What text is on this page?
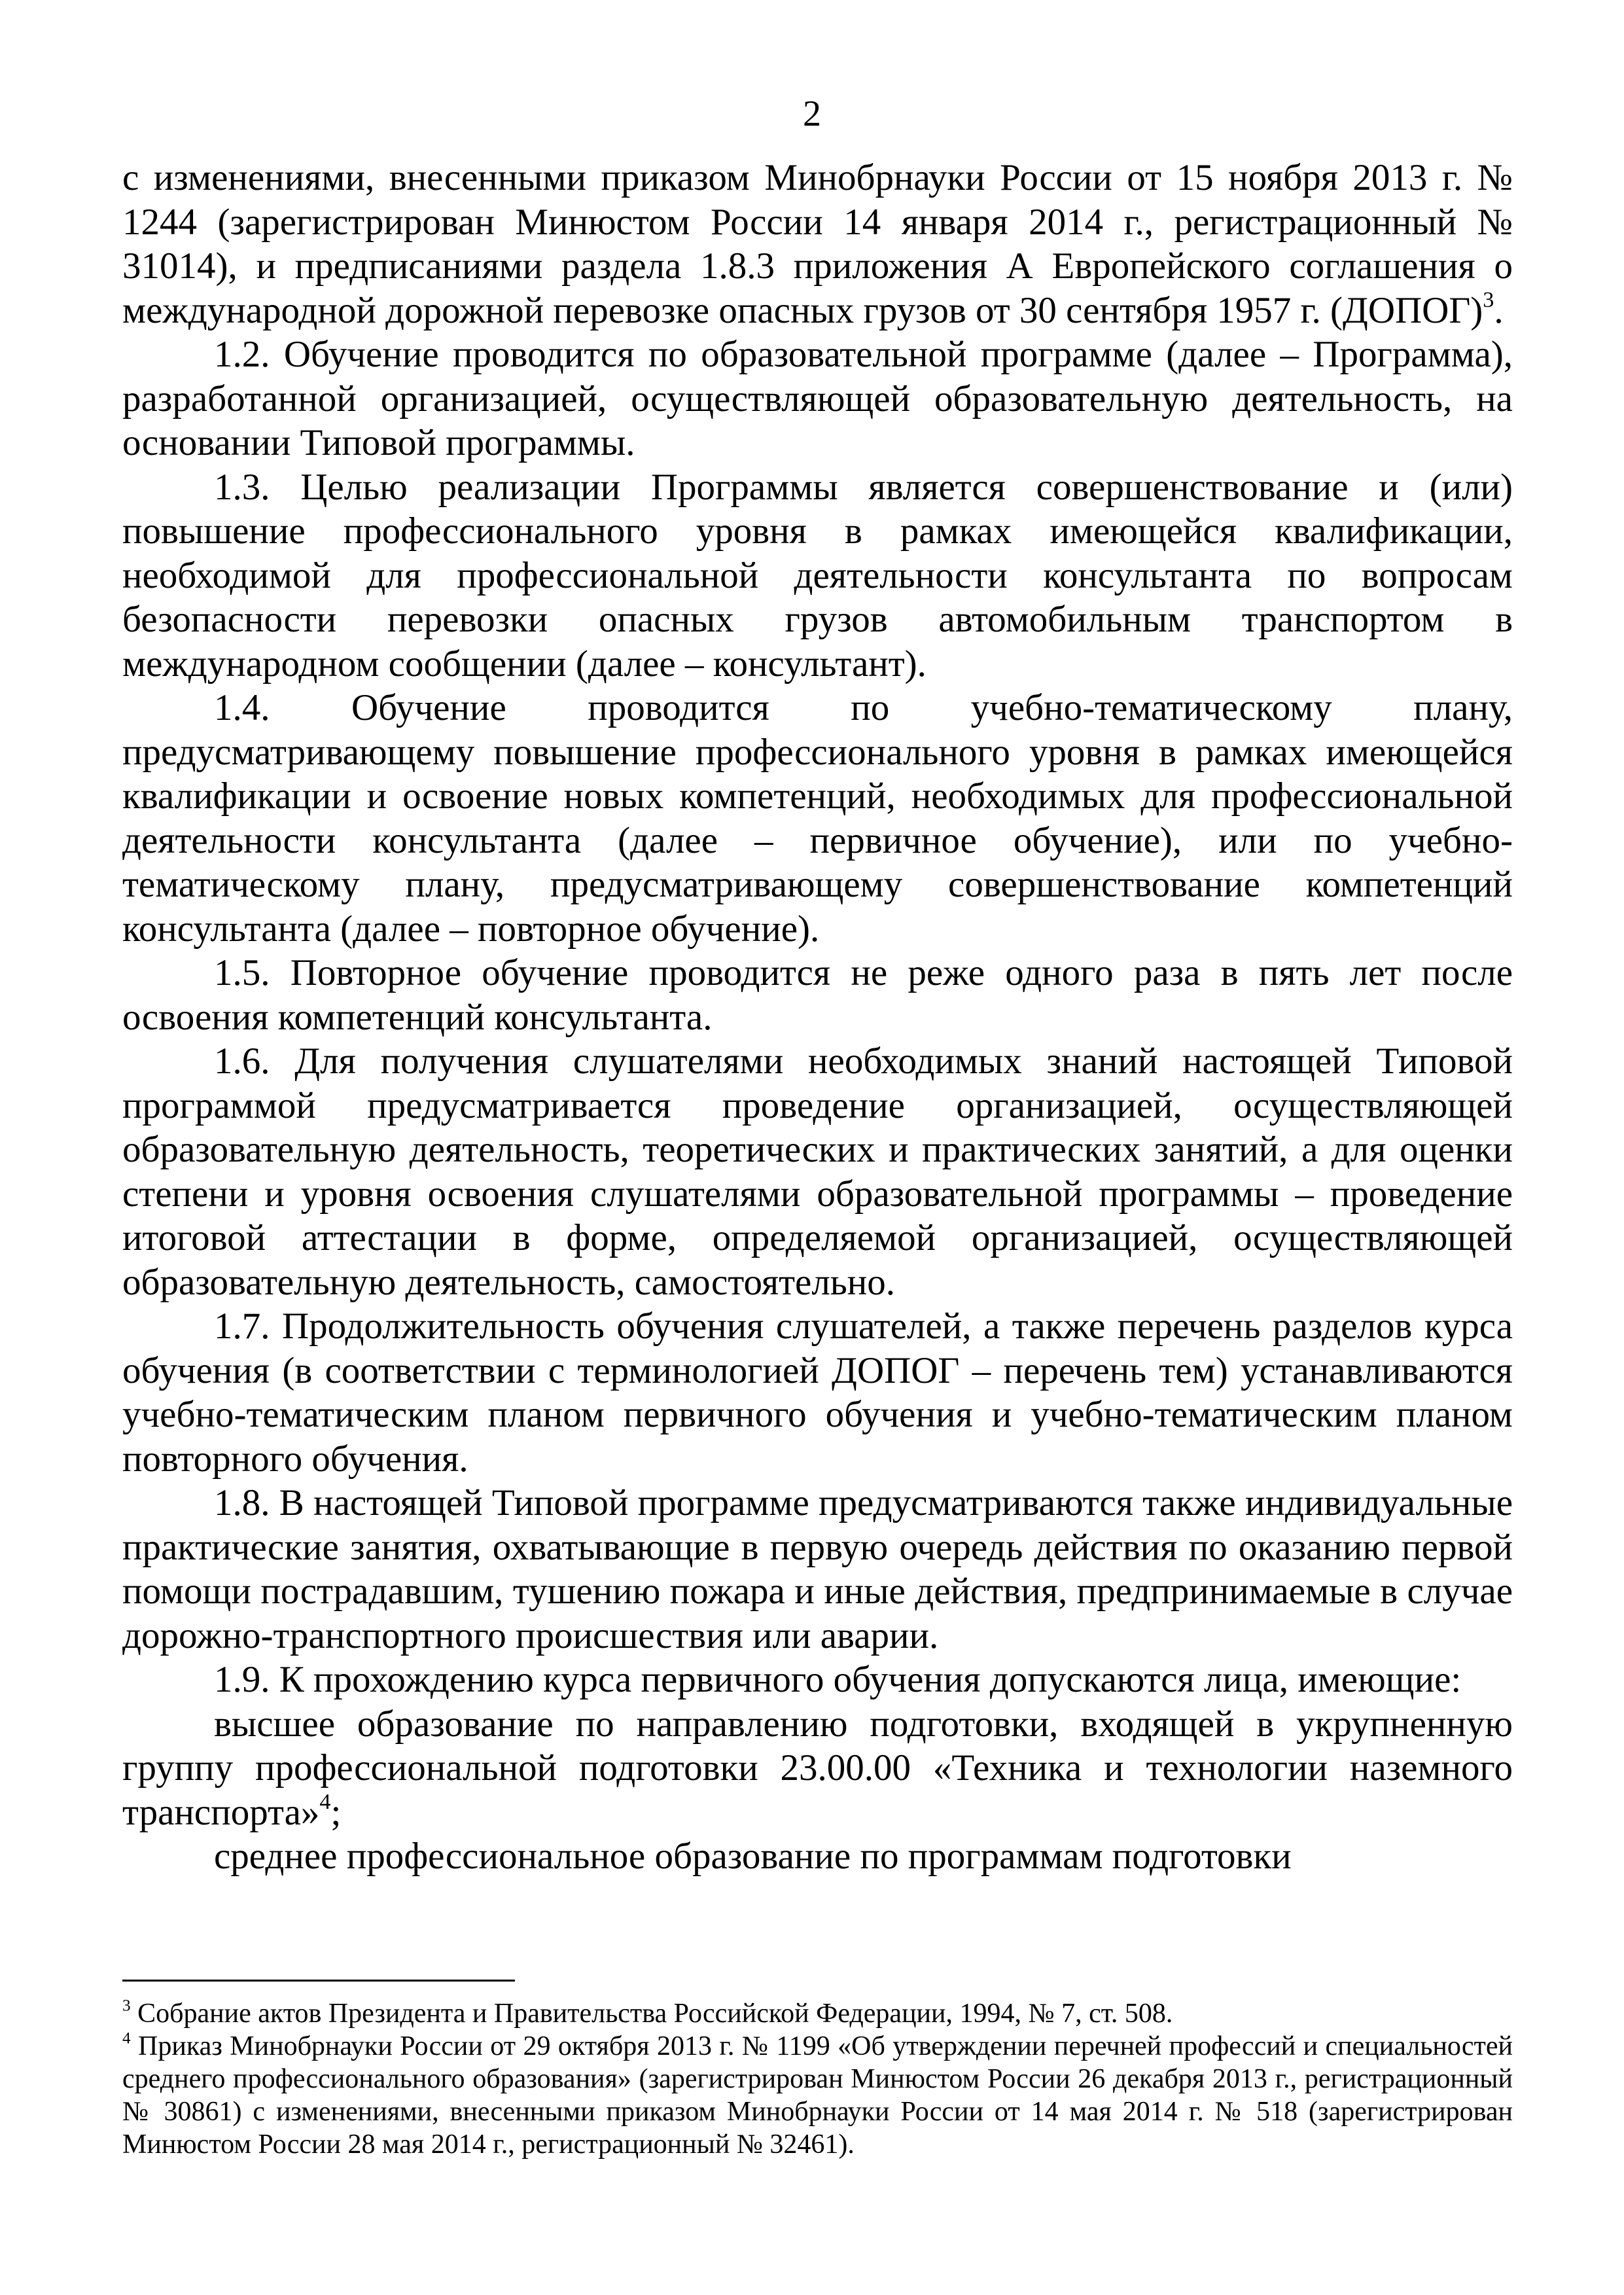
2

с изменениями, внесенными приказом Минобрнауки России от 15 ноября 2013 г. № 1244 (зарегистрирован Минюстом России 14 января 2014 г., регистрационный № 31014), и предписаниями раздела 1.8.3 приложения А Европейского соглашения о международной дорожной перевозке опасных грузов от 30 сентября 1957 г. (ДОПОГ)$^3$.

1.2. Обучение проводится по образовательной программе (далее – Программа), разработанной организацией, осуществляющей образовательную деятельность, на основании Типовой программы.

1.3. Целью реализации Программы является совершенствование и (или) повышение профессионального уровня в рамках имеющейся квалификации, необходимой для профессиональной деятельности консультанта по вопросам безопасности перевозки опасных грузов автомобильным транспортом в международном сообщении (далее – консультант).

1.4. Обучение проводится по учебно-тематическому плану, предусматривающему повышение профессионального уровня в рамках имеющейся квалификации и освоение новых компетенций, необходимых для профессиональной деятельности консультанта (далее – первичное обучение), или по учебно-тематическому плану, предусматривающему совершенствование компетенций консультанта (далее – повторное обучение).

1.5. Повторное обучение проводится не реже одного раза в пять лет после освоения компетенций консультанта.

1.6. Для получения слушателями необходимых знаний настоящей Типовой программой предусматривается проведение организацией, осуществляющей образовательную деятельность, теоретических и практических занятий, а для оценки степени и уровня освоения слушателями образовательной программы – проведение итоговой аттестации в форме, определяемой организацией, осуществляющей образовательную деятельность, самостоятельно.

1.7. Продолжительность обучения слушателей, а также перечень разделов курса обучения (в соответствии с терминологией ДОПОГ – перечень тем) устанавливаются учебно-тематическим планом первичного обучения и учебно-тематическим планом повторного обучения.

1.8. В настоящей Типовой программе предусматриваются также индивидуальные практические занятия, охватывающие в первую очередь действия по оказанию первой помощи пострадавшим, тушению пожара и иные действия, предпринимаемые в случае дорожно-транспортного происшествия или аварии.

1.9. К прохождению курса первичного обучения допускаются лица, имеющие:

высшее образование по направлению подготовки, входящей в укрупненную группу профессиональной подготовки 23.00.00 «Техника и технологии наземного транспорта»$^4$;

среднее профессиональное образование по программам подготовки

$^3$ Собрание актов Президента и Правительства Российской Федерации, 1994, № 7, ст. 508.

$^4$ Приказ Минобрнауки России от 29 октября 2013 г. № 1199 «Об утверждении перечней профессий и специальностей среднего профессионального образования» (зарегистрирован Минюстом России 26 декабря 2013 г., регистрационный № 30861) с изменениями, внесенными приказом Минобрнауки России от 14 мая 2014 г. № 518 (зарегистрирован Минюстом России 28 мая 2014 г., регистрационный № 32461).
